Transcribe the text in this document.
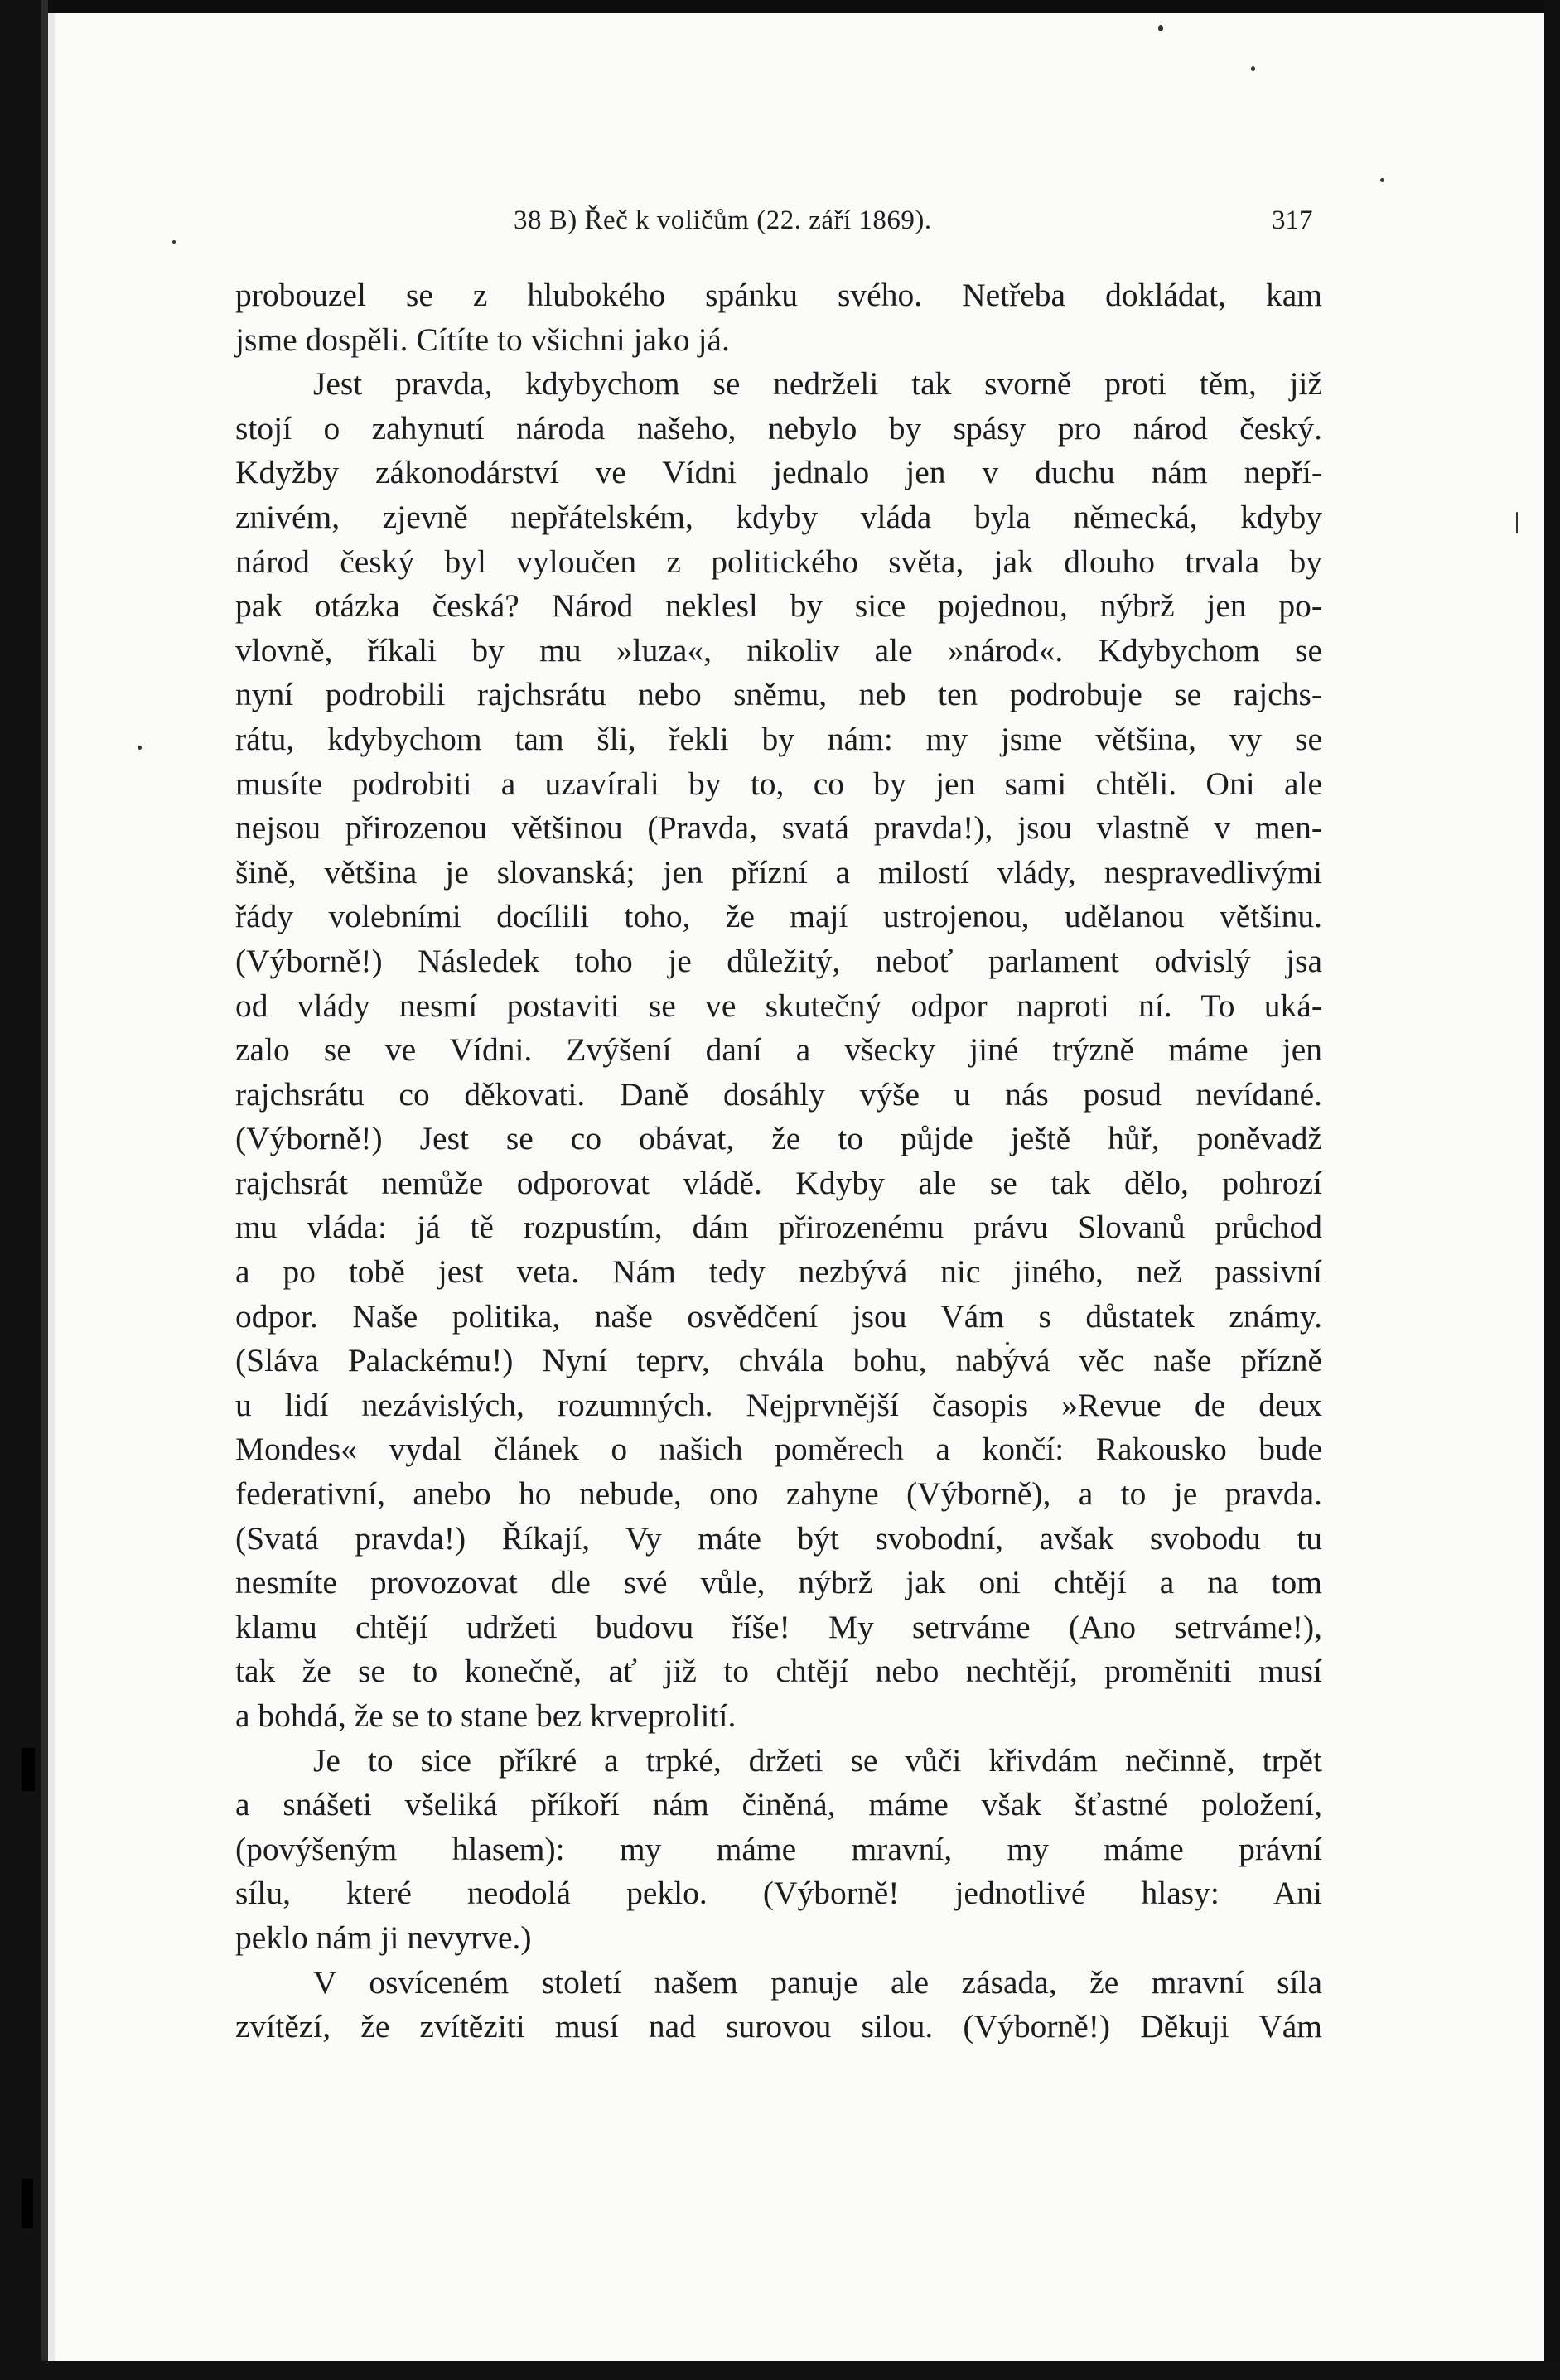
38 B) Řeč k voličům (22. září 1869).	317
probouzel se z hlubokého spánku svého. Netřeba dokládat, kam
jsme dospěli. Cítíte to všichni jako já.
Jest pravda, kdybychom se nedrželi tak svorně proti těm, již
stojí o zahynutí národa našeho, nebylo by spásy pro národ český.
Kdyžby zákonodárství ve Vídni jednalo jen v duchu nám nepří-
znivém, zjevně nepřátelském, kdyby vláda byla německá, kdyby
národ český byl vyloučen z politického světa, jak dlouho trvala by
pak otázka česká? Národ neklesl by sice pojednou, nýbrž jen po-
vlovně, říkali by mu »luza«, nikoliv ale »národ«. Kdybychom se
nyní podrobili rajchsrátu nebo sněmu, neb ten podrobuje se rajchs-
rátu, kdybychom tam šli, řekli by nám: my jsme většina, vy se
musíte podrobiti a uzavírali by to, co by jen sami chtěli. Oni ale
nejsou přirozenou většinou (Pravda, svatá pravda!), jsou vlastně v men-
šině, většina je slovanská; jen přízní a milostí vlády, nespravedlivými
řády volebními docílili toho, že mají ustrojenou, udělanou většinu.
(Výborně!) Následek toho je důležitý, neboť parlament odvislý jsa
od vlády nesmí postaviti se ve skutečný odpor naproti ní. To uká-
zalo se ve Vídni. Zvýšení daní a všecky jiné trýzně máme jen
rajchsrátu co děkovati. Daně dosáhly výše u nás posud nevídané.
(Výborně!) Jest se co obávat, že to půjde ještě hůř, poněvadž
rajchsrát nemůže odporovat vládě. Kdyby ale se tak dělo, pohrozí
mu vláda: já tě rozpustím, dám přirozenému právu Slovanů průchod
a po tobě jest veta. Nám tedy nezbývá nic jiného, než passivní
odpor. Naše politika, naše osvědčení jsou Vám s důstatek známy.
(Sláva Palackému!) Nyní teprv, chvála bohu, nabývá věc naše přízně
u lidí nezávislých, rozumných. Nejprvnější časopis »Revue de deux
Mondes« vydal článek o našich poměrech a končí: Rakousko bude
federativní, anebo ho nebude, ono zahyne (Výborně), a to je pravda.
(Svatá pravda!) Říkají, Vy máte být svobodní, avšak svobodu tu
nesmíte provozovat dle své vůle, nýbrž jak oni chtějí a na tom
klamu chtějí udržeti budovu říše! My setrváme (Ano setrváme!),
tak že se to konečně, ať již to chtějí nebo nechtějí, proměniti musí
a bohdá, že se to stane bez krveprolití.
Je to sice příkré a trpké, držeti se vůči křivdám nečinně, trpět
a snášeti všeliká příkoří nám činěná, máme však šťastné položení,
(povýšeným hlasem): my máme mravní, my máme právní
sílu, které neodolá peklo. (Výborně! jednotlivé hlasy: Ani
peklo nám ji nevyrve.)
V osvíceném století našem panuje ale zásada, že mravní síla
zvítězí, že zvítěziti musí nad surovou silou. (Výborně!) Děkuji Vám
